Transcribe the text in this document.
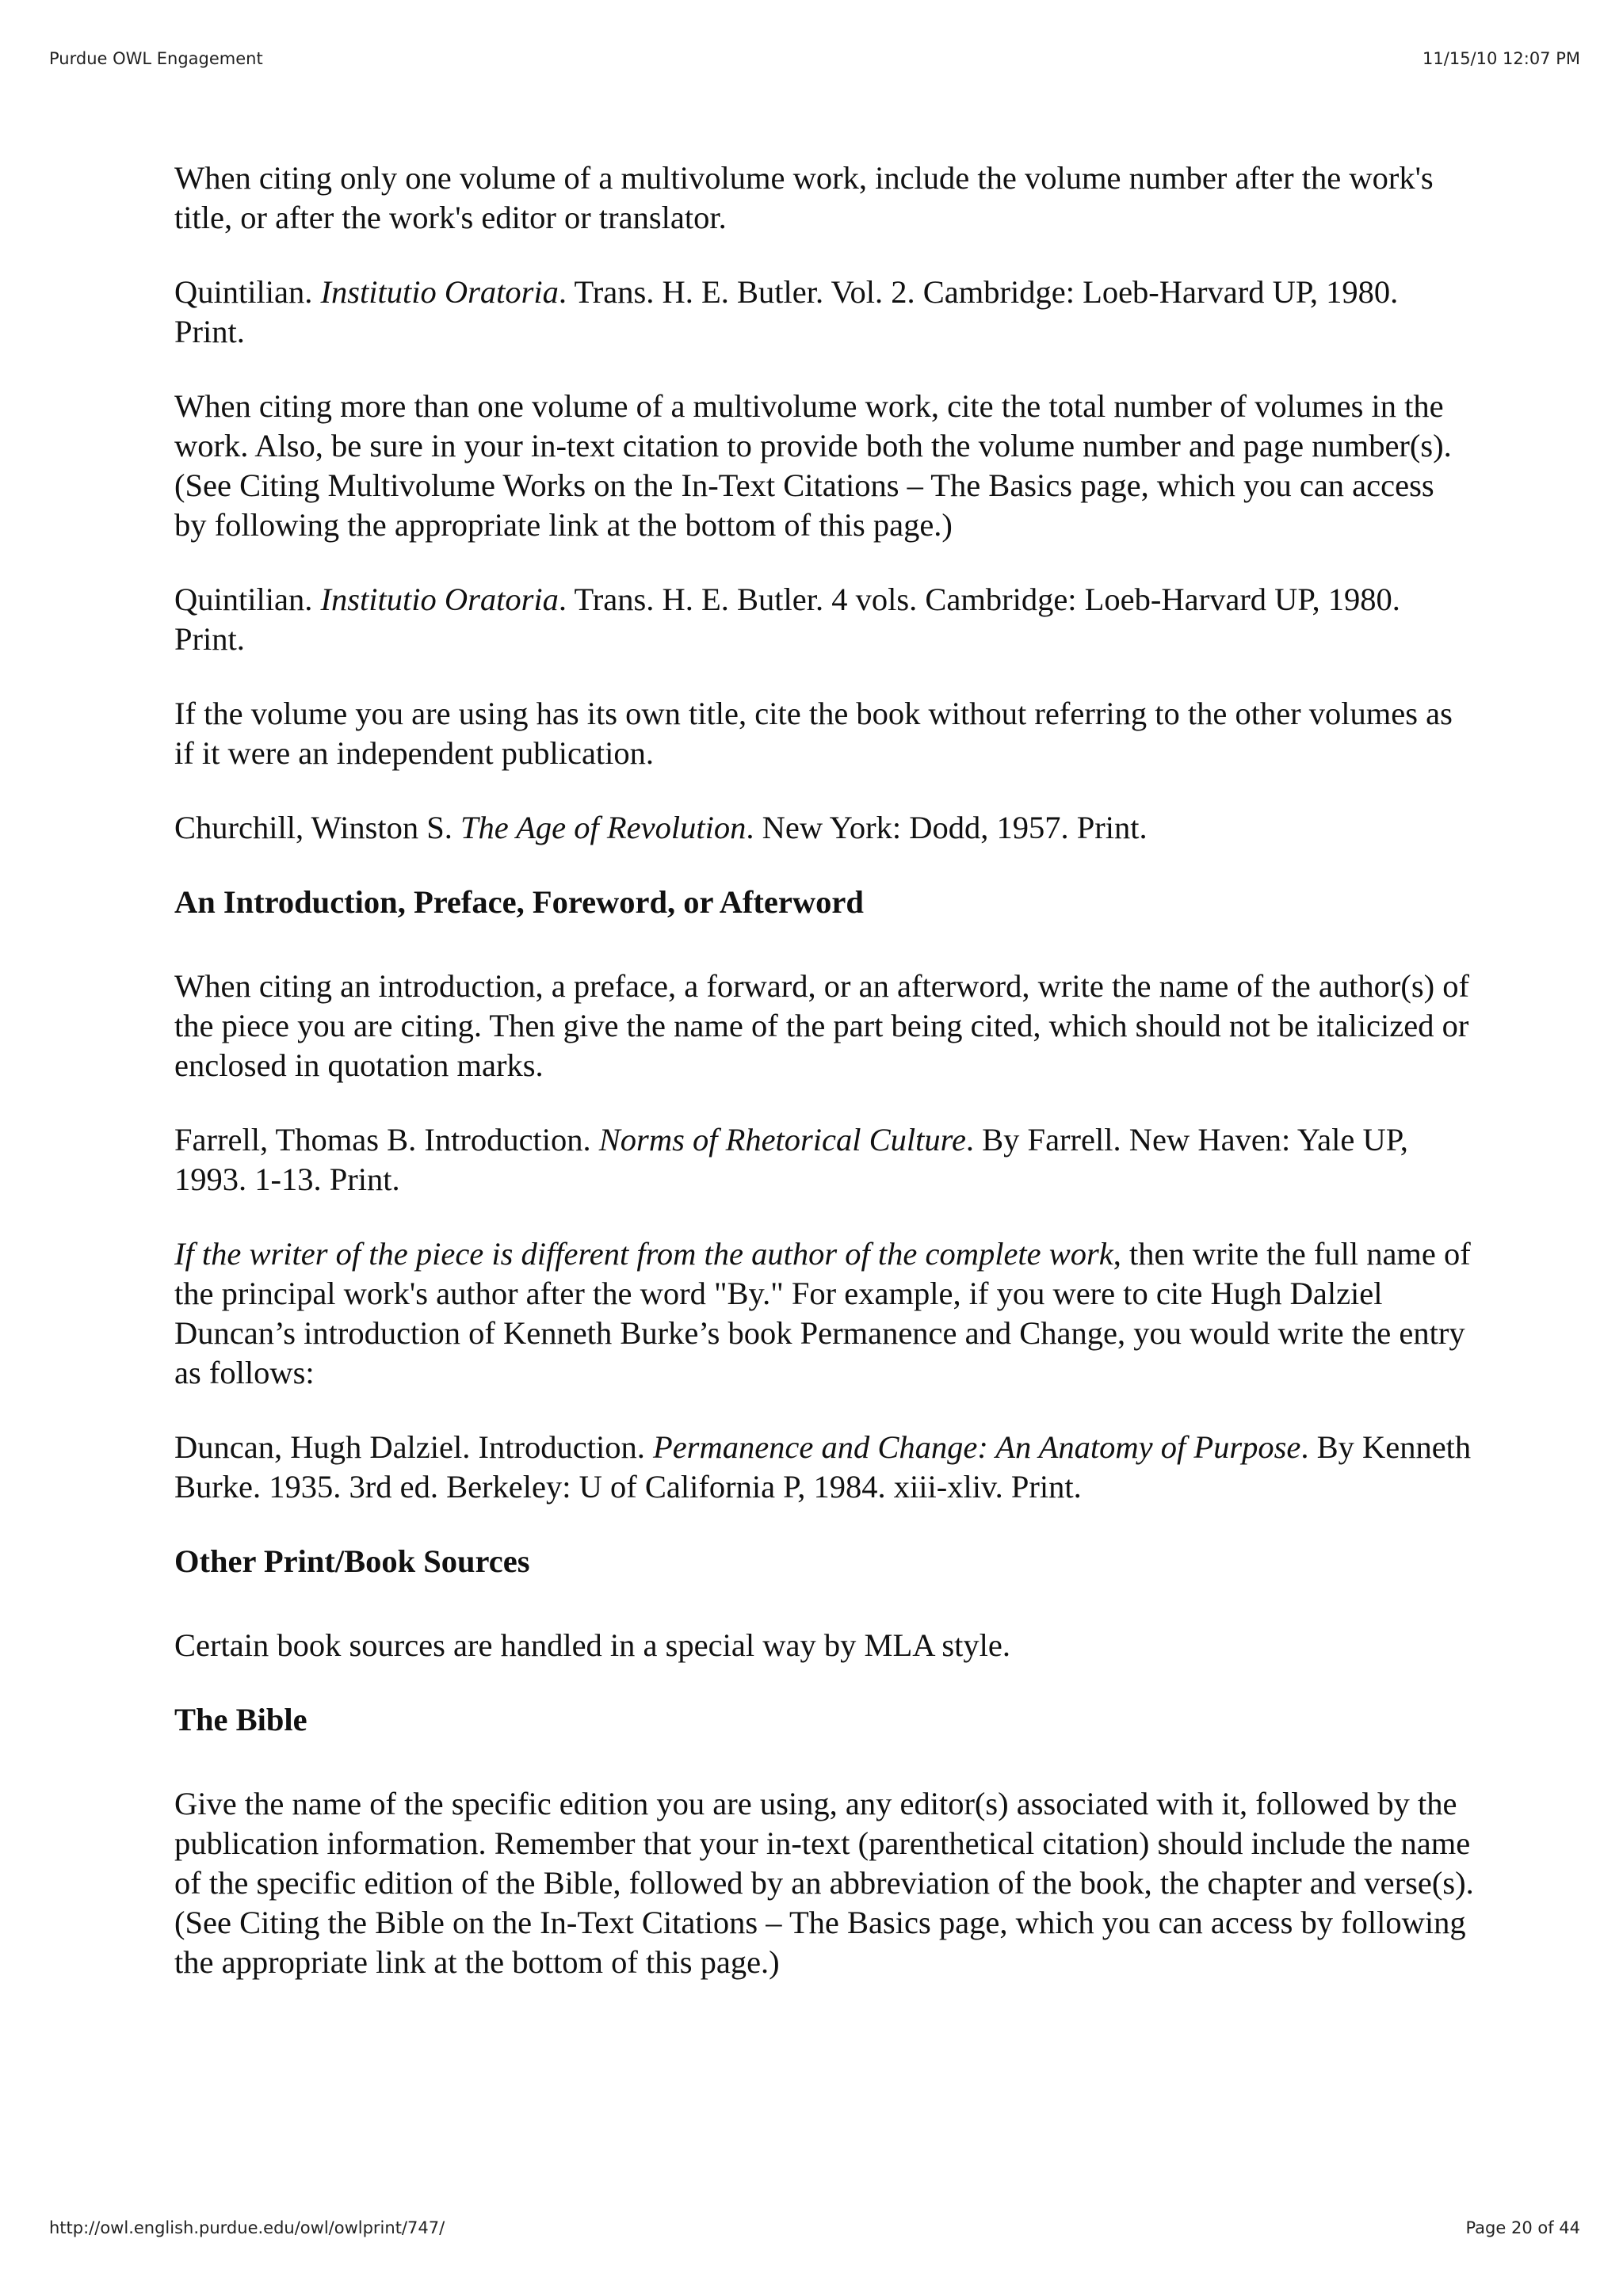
Purdue OWL Engagement	11/15/10 12:07 PM

When citing only one volume of a multivolume work, include the volume number after the work's title, or after the work's editor or translator.

Quintilian. Institutio Oratoria. Trans. H. E. Butler. Vol. 2. Cambridge: Loeb-Harvard UP, 1980. Print.

When citing more than one volume of a multivolume work, cite the total number of volumes in the work. Also, be sure in your in-text citation to provide both the volume number and page number(s). (See Citing Multivolume Works on the In-Text Citations – The Basics page, which you can access by following the appropriate link at the bottom of this page.)

Quintilian. Institutio Oratoria. Trans. H. E. Butler. 4 vols. Cambridge: Loeb-Harvard UP, 1980. Print.

If the volume you are using has its own title, cite the book without referring to the other volumes as if it were an independent publication.

Churchill, Winston S. The Age of Revolution. New York: Dodd, 1957. Print.

An Introduction, Preface, Foreword, or Afterword

When citing an introduction, a preface, a forward, or an afterword, write the name of the author(s) of the piece you are citing. Then give the name of the part being cited, which should not be italicized or enclosed in quotation marks.

Farrell, Thomas B. Introduction. Norms of Rhetorical Culture. By Farrell. New Haven: Yale UP, 1993. 1-13. Print.

If the writer of the piece is different from the author of the complete work, then write the full name of the principal work's author after the word "By." For example, if you were to cite Hugh Dalziel Duncan’s introduction of Kenneth Burke’s book Permanence and Change, you would write the entry as follows:

Duncan, Hugh Dalziel. Introduction. Permanence and Change: An Anatomy of Purpose. By Kenneth Burke. 1935. 3rd ed. Berkeley: U of California P, 1984. xiii-xliv. Print.

Other Print/Book Sources

Certain book sources are handled in a special way by MLA style.

The Bible

Give the name of the specific edition you are using, any editor(s) associated with it, followed by the publication information. Remember that your in-text (parenthetical citation) should include the name of the specific edition of the Bible, followed by an abbreviation of the book, the chapter and verse(s). (See Citing the Bible on the In-Text Citations – The Basics page, which you can access by following the appropriate link at the bottom of this page.)

http://owl.english.purdue.edu/owl/owlprint/747/	Page 20 of 44
